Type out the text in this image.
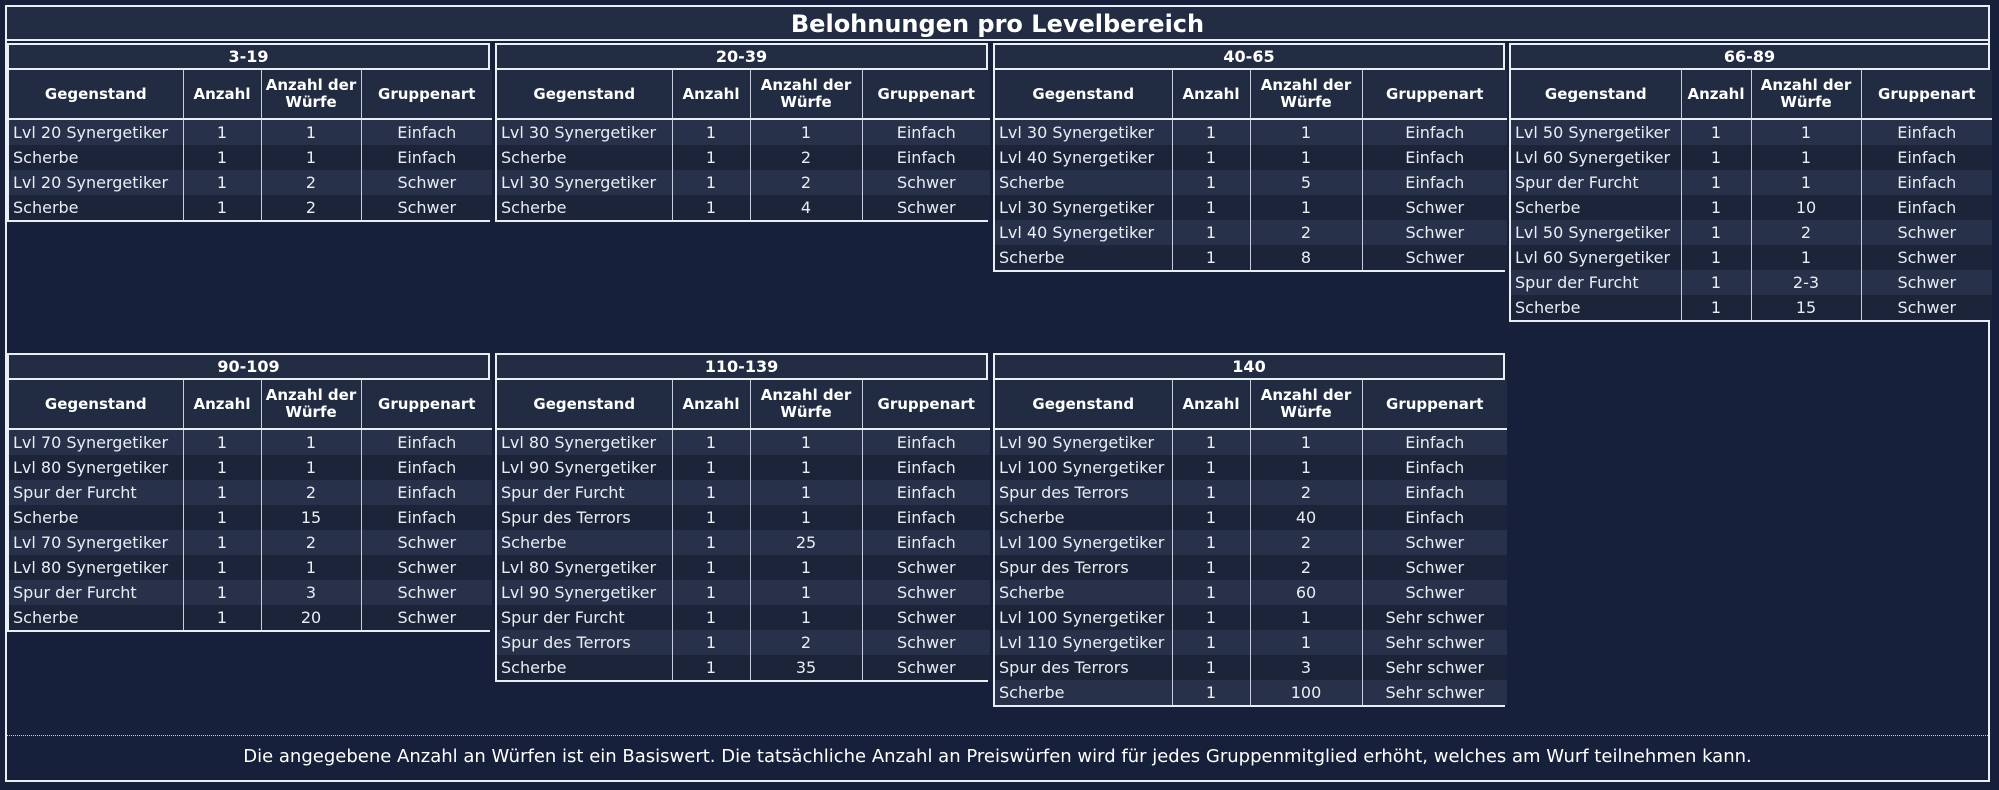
Belohnungen pro Levelbereich
3-19
Gegenstand	Anzahl	Anzahl der Würfe	Gruppenart
Lvl 20 Synergetiker	1	1	Einfach
Scherbe	1	1	Einfach
Lvl 20 Synergetiker	1	2	Schwer
Scherbe	1	2	Schwer
20-39
Gegenstand	Anzahl	Anzahl der Würfe	Gruppenart
Lvl 30 Synergetiker	1	1	Einfach
Scherbe	1	2	Einfach
Lvl 30 Synergetiker	1	2	Schwer
Scherbe	1	4	Schwer
40-65
Gegenstand	Anzahl	Anzahl der Würfe	Gruppenart
Lvl 30 Synergetiker	1	1	Einfach
Lvl 40 Synergetiker	1	1	Einfach
Scherbe	1	5	Einfach
Lvl 30 Synergetiker	1	1	Schwer
Lvl 40 Synergetiker	1	2	Schwer
Scherbe	1	8	Schwer
66-89
Gegenstand	Anzahl	Anzahl der Würfe	Gruppenart
Lvl 50 Synergetiker	1	1	Einfach
Lvl 60 Synergetiker	1	1	Einfach
Spur der Furcht	1	1	Einfach
Scherbe	1	10	Einfach
Lvl 50 Synergetiker	1	2	Schwer
Lvl 60 Synergetiker	1	1	Schwer
Spur der Furcht	1	2-3	Schwer
Scherbe	1	15	Schwer
90-109
Gegenstand	Anzahl	Anzahl der Würfe	Gruppenart
Lvl 70 Synergetiker	1	1	Einfach
Lvl 80 Synergetiker	1	1	Einfach
Spur der Furcht	1	2	Einfach
Scherbe	1	15	Einfach
Lvl 70 Synergetiker	1	2	Schwer
Lvl 80 Synergetiker	1	1	Schwer
Spur der Furcht	1	3	Schwer
Scherbe	1	20	Schwer
110-139
Gegenstand	Anzahl	Anzahl der Würfe	Gruppenart
Lvl 80 Synergetiker	1	1	Einfach
Lvl 90 Synergetiker	1	1	Einfach
Spur der Furcht	1	1	Einfach
Spur des Terrors	1	1	Einfach
Scherbe	1	25	Einfach
Lvl 80 Synergetiker	1	1	Schwer
Lvl 90 Synergetiker	1	1	Schwer
Spur der Furcht	1	1	Schwer
Spur des Terrors	1	2	Schwer
Scherbe	1	35	Schwer
140
Gegenstand	Anzahl	Anzahl der Würfe	Gruppenart
Lvl 90 Synergetiker	1	1	Einfach
Lvl 100 Synergetiker	1	1	Einfach
Spur des Terrors	1	2	Einfach
Scherbe	1	40	Einfach
Lvl 100 Synergetiker	1	2	Schwer
Spur des Terrors	1	2	Schwer
Scherbe	1	60	Schwer
Lvl 100 Synergetiker	1	1	Sehr schwer
Lvl 110 Synergetiker	1	1	Sehr schwer
Spur des Terrors	1	3	Sehr schwer
Scherbe	1	100	Sehr schwer
Die angegebene Anzahl an Würfen ist ein Basiswert. Die tatsächliche Anzahl an Preiswürfen wird für jedes Gruppenmitglied erhöht, welches am Wurf teilnehmen kann.
